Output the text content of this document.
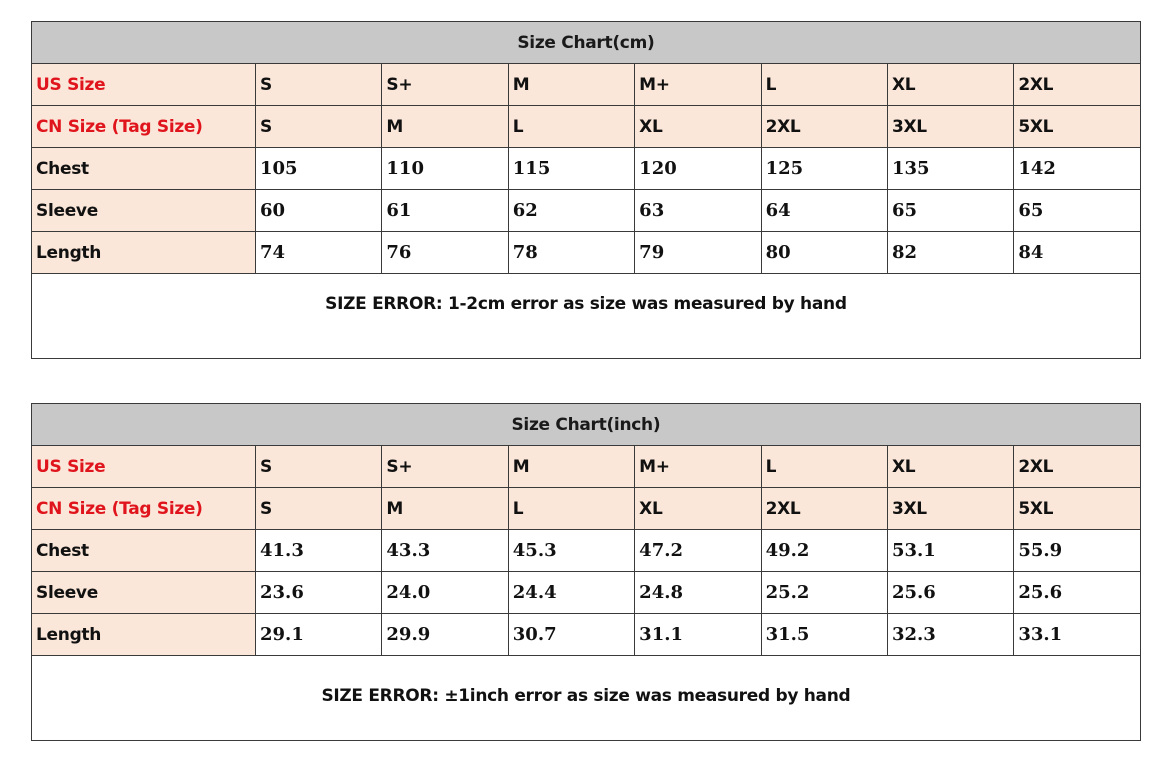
Size Chart(cm)							
US Size	S	S+	M	M+	L	XL	2XL
CN Size (Tag Size)	S	M	L	XL	2XL	3XL	5XL
Chest	105	110	115	120	125	135	142
Sleeve	60	61	62	63	64	65	65
Length	74	76	78	79	80	82	84
SIZE ERROR: 1-2cm error as size was measured by hand							
Size Chart(inch)							
US Size	S	S+	M	M+	L	XL	2XL
CN Size (Tag Size)	S	M	L	XL	2XL	3XL	5XL
Chest	41.3	43.3	45.3	47.2	49.2	53.1	55.9
Sleeve	23.6	24.0	24.4	24.8	25.2	25.6	25.6
Length	29.1	29.9	30.7	31.1	31.5	32.3	33.1
SIZE ERROR: ±1inch error as size was measured by hand							
